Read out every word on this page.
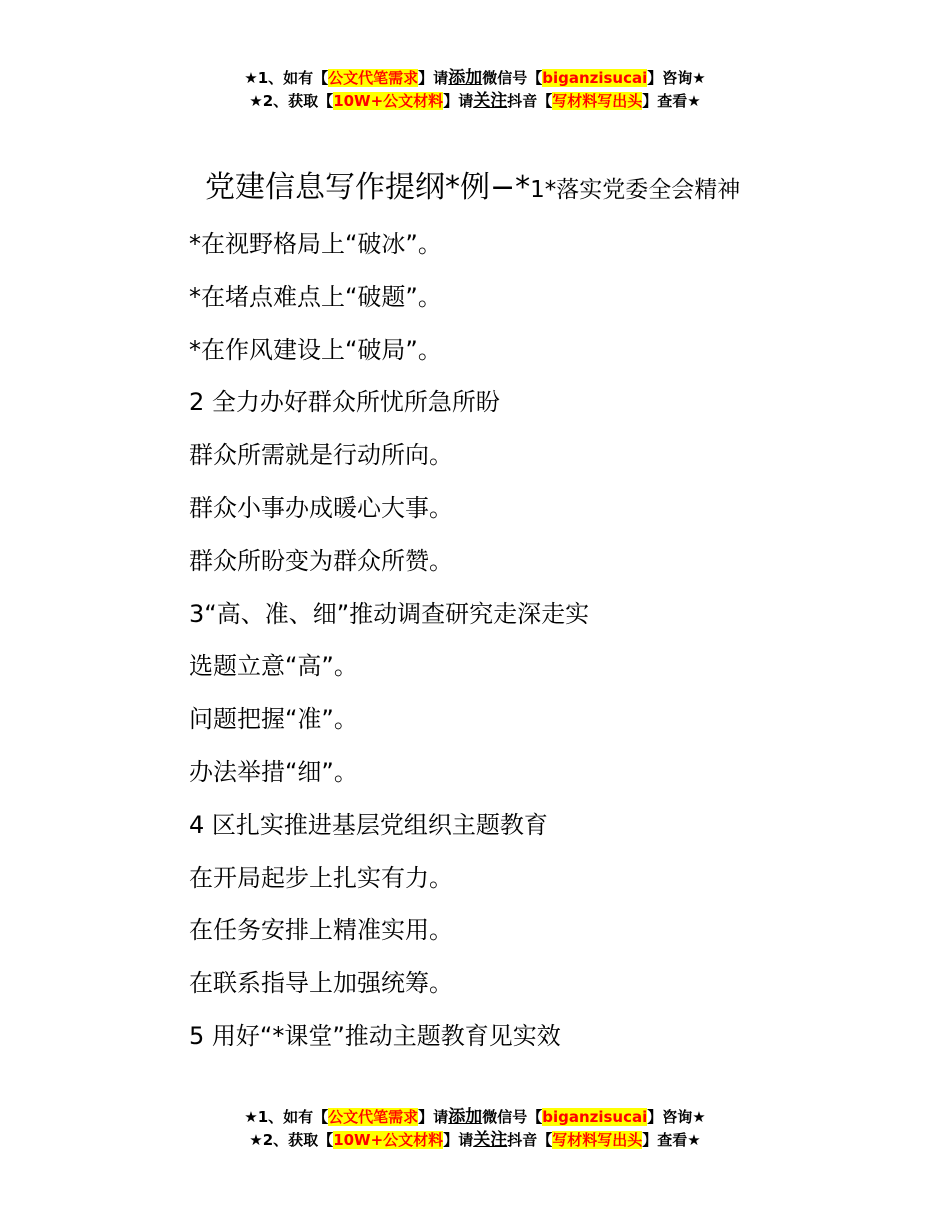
★1、如有【公文代笔需求】请添加微信号【biganzisucai】咨询★
★2、获取【10W+公文材料】请关注抖音【写材料写出头】查看★
党建信息写作提纲*例−*1*落实党委全会精神
*在视野格局上“破冰”。
*在堵点难点上“破题”。
*在作风建设上“破局”。
2 全力办好群众所忧所急所盼
群众所需就是行动所向。
群众小事办成暖心大事。
群众所盼变为群众所赞。
3“高、准、细”推动调查研究走深走实
选题立意“高”。
问题把握“准”。
办法举措“细”。
4 区扎实推进基层党组织主题教育
在开局起步上扎实有力。
在任务安排上精准实用。
在联系指导上加强统筹。
5 用好“*课堂”推动主题教育见实效
★1、如有【公文代笔需求】请添加微信号【biganzisucai】咨询★
★2、获取【10W+公文材料】请关注抖音【写材料写出头】查看★
